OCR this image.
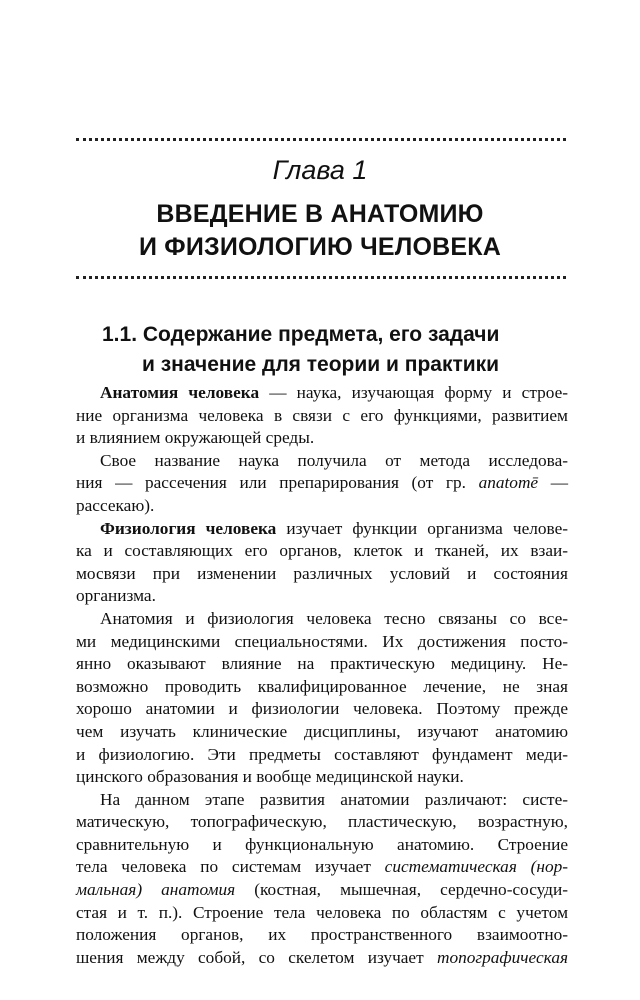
Глава 1
ВВЕДЕНИЕ В АНАТОМИЮ
И ФИЗИОЛОГИЮ ЧЕЛОВЕКА
1.1. Содержание предмета, его задачи
и значение для теории и практики
Анатомия человека — наука, изучающая форму и строе-
ние организма человека в связи с его функциями, развитием
и влиянием окружающей среды.
Свое название наука получила от метода исследова-
ния — рассечения или препарирования (от гр. anatomē —
рассекаю).
Физиология человека изучает функции организма челове-
ка и составляющих его органов, клеток и тканей, их взаи-
мосвязи при изменении различных условий и состояния
организма.
Анатомия и физиология человека тесно связаны со все-
ми медицинскими специальностями. Их достижения посто-
янно оказывают влияние на практическую медицину. Не-
возможно проводить квалифицированное лечение, не зная
хорошо анатомии и физиологии человека. Поэтому прежде
чем изучать клинические дисциплины, изучают анатомию
и физиологию. Эти предметы составляют фундамент меди-
цинского образования и вообще медицинской науки.
На данном этапе развития анатомии различают: систе-
матическую, топографическую, пластическую, возрастную,
сравнительную и функциональную анатомию. Строение
тела человека по системам изучает систематическая (нор-
мальная) анатомия (костная, мышечная, сердечно-сосуди-
стая и т. п.). Строение тела человека по областям с учетом
положения органов, их пространственного взаимоотно-
шения между собой, со скелетом изучает топографическая
